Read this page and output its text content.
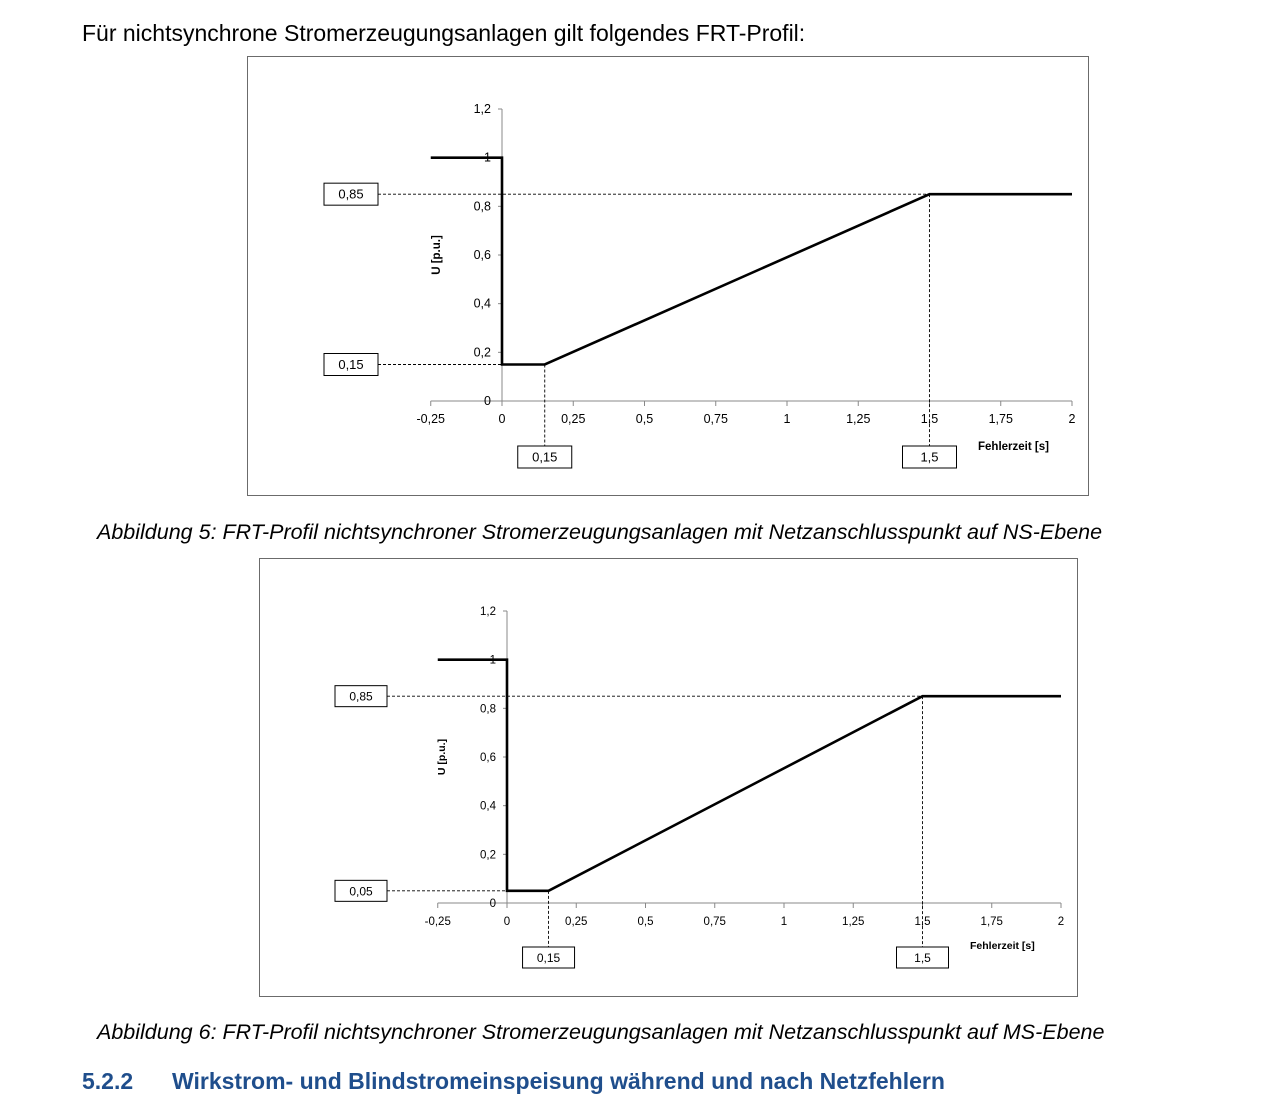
Für nichtsynchrone Stromerzeugungsanlagen gilt folgendes FRT-Profil:

-0,25	0	0,25	0,5	0,75	1	1,25	1,5	1,75	2
0
0,2
0,4
0,6
0,8
1
1,2
U [p.u.]
Fehlerzeit [s]
0,85
0,15
0,15	1,5

Abbildung 5: FRT-Profil nichtsynchroner Stromerzeugungsanlagen mit Netzanschlusspunkt auf NS-Ebene

-0,25	0	0,25	0,5	0,75	1	1,25	1,5	1,75	2
0
0,2
0,4
0,6
0,8
1
1,2
U [p.u.]
Fehlerzeit [s]
0,85
0,05
0,15	1,5

Abbildung 6: FRT-Profil nichtsynchroner Stromerzeugungsanlagen mit Netzanschlusspunkt auf MS-Ebene

5.2.2 Wirkstrom- und Blindstromeinspeisung während und nach Netzfehlern
